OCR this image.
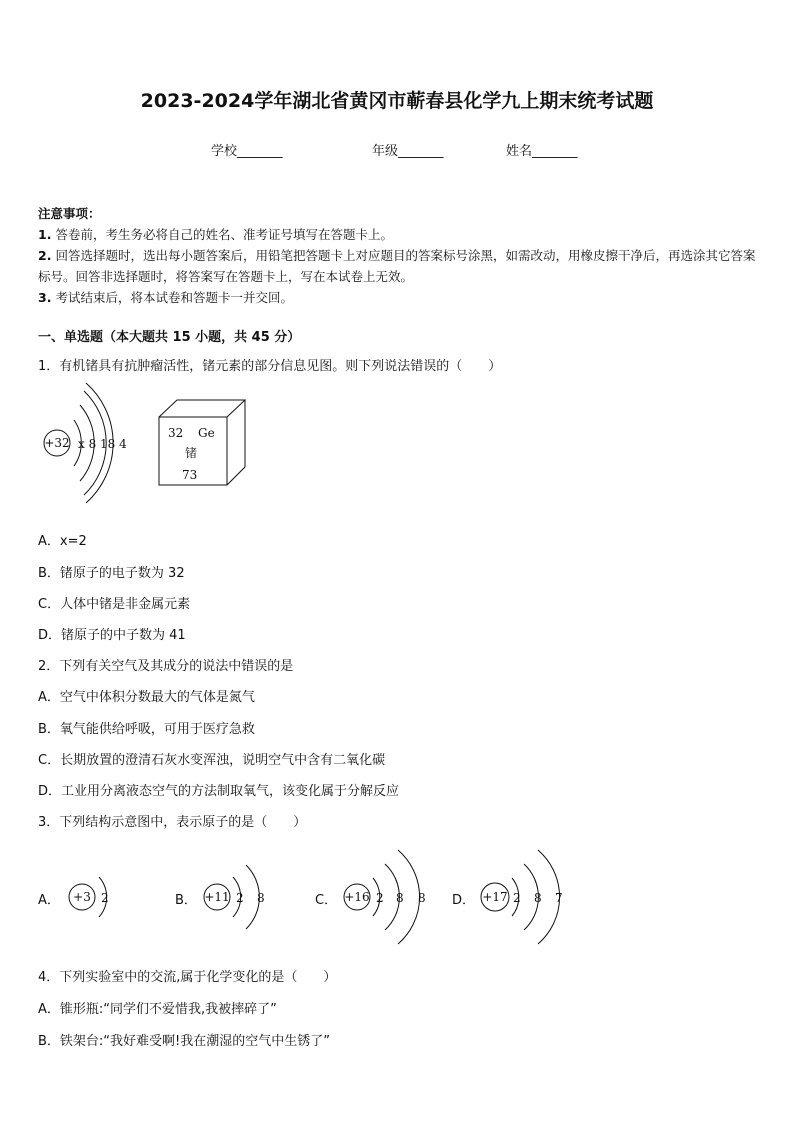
2023-2024学年湖北省黄冈市蕲春县化学九上期末统考试题
学校_______	年级_______	姓名_______
注意事项：
1. 答卷前，考生务必将自己的姓名、准考证号填写在答题卡上。
2. 回答选择题时，选出每小题答案后，用铅笔把答题卡上对应题目的答案标号涂黑，如需改动，用橡皮擦干净后，再选涂其它答案标号。回答非选择题时，将答案写在答题卡上，写在本试卷上无效。
3. 考试结束后，将本试卷和答题卡一并交回。
一、单选题（本大题共 15 小题，共 45 分）
1．有机锗具有抗肿瘤活性，锗元素的部分信息见图。则下列说法错误的（　　）
+32 x 8 18 4
32 Ge
锗
73
A．x=2
B．锗原子的电子数为 32
C．人体中锗是非金属元素
D．锗原子的中子数为 41
2．下列有关空气及其成分的说法中错误的是
A．空气中体积分数最大的气体是氮气
B．氧气能供给呼吸，可用于医疗急救
C．长期放置的澄清石灰水变浑浊，说明空气中含有二氧化碳
D．工业用分离液态空气的方法制取氧气，该变化属于分解反应
3．下列结构示意图中，表示原子的是（　　）
A． +3 2	B． +11 2 8	C． +16 2 8 8 D． +17 2 8 7
4．下列实验室中的交流,属于化学变化的是（　　）
A．锥形瓶:“同学们不爱惜我,我被摔碎了”
B．铁架台:“我好难受啊!我在潮湿的空气中生锈了”
